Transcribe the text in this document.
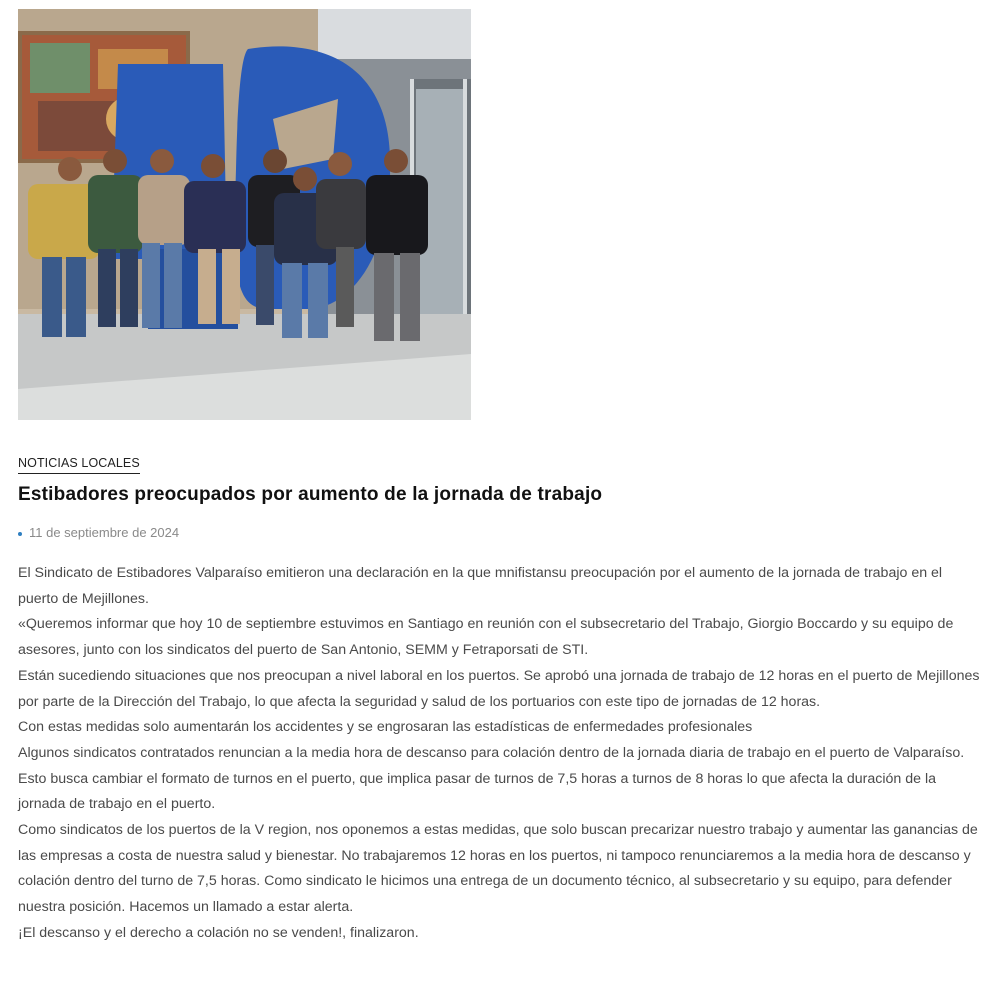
NOTICIAS LOCALES
Estibadores preocupados por aumento de la jornada de trabajo
11 de septiembre de 2024

El Sindicato de Estibadores Valparaíso emitieron una declaración en la que mnifistansu preocupación por el aumento de la jornada de trabajo en el puerto de Mejillones.

«Queremos informar que hoy 10 de septiembre estuvimos en Santiago en reunión con el subsecretario del Trabajo, Giorgio Boccardo y su equipo de asesores, junto con los sindicatos del puerto de San Antonio, SEMM y Fetraporsati de STI.

Están sucediendo situaciones que nos preocupan a nivel laboral en los puertos. Se aprobó una jornada de trabajo de 12 horas en el puerto de Mejillones por parte de la Dirección del Trabajo, lo que afecta la seguridad y salud de los portuarios con este tipo de jornadas de 12 horas.

Con estas medidas solo aumentarán los accidentes y se engrosaran las estadísticas de enfermedades profesionales

Algunos sindicatos contratados renuncian a la media hora de descanso para colación dentro de la jornada diaria de trabajo en el puerto de Valparaíso.

Esto busca cambiar el formato de turnos en el puerto, que implica pasar de turnos de 7,5 horas a turnos de 8 horas lo que afecta la duración de la jornada de trabajo en el puerto.

Como sindicatos de los puertos de la V region, nos oponemos a estas medidas, que solo buscan precarizar nuestro trabajo y aumentar las ganancias de las empresas a costa de nuestra salud y bienestar. No trabajaremos 12 horas en los puertos, ni tampoco renunciaremos a la media hora de descanso y colación dentro del turno de 7,5 horas. Como sindicato le hicimos una entrega de un documento técnico, al subsecretario y su equipo, para defender nuestra posición. Hacemos un llamado a estar alerta.

¡El descanso y el derecho a colación no se venden!, finalizaron.
